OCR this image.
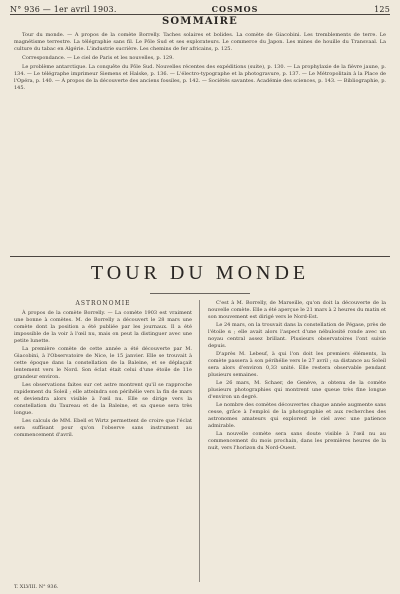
N° 936 — 1er avril 1903.	COSMOS	125
SOMMAIRE

Tour du monde. — À propos de la comète Borrelly. Taches solaires et bolides. La comète de Giacobini. Les tremblements de terre. Le magnétisme terrestre. La télégraphie sans fil. Le Pôle Sud et ses explorateurs. Le commerce du Japon. Les mines de houille du Transvaal. La culture du tabac en Algérie. L'industrie sucrière. Les chemins de fer africains, p. 125.

Correspondance. — Le ciel de Paris et les nouvelles, p. 129.

Le problème antarctique. La conquête du Pôle Sud. Nouvelles récentes des expéditions (suite), p. 130. — La prophylaxie de la fièvre jaune, p. 134. — Le télégraphe imprimeur Siemens et Halske, p. 136. — L'électro-typographe et la photogravure, p. 137. — Le Métropolitain à la Place de l'Opéra, p. 140. — À propos de la découverte des anciens fossiles, p. 142. — Sociétés savantes. Académie des sciences, p. 143. — Bibliographie, p. 145.

TOUR DU MONDE
ASTRONOMIE

À propos de la comète Borrelly. — La comète 1903 est vraiment une bonne à comètes. M. de Borrelly a découvert le 28 mars une comète dont la position a été publiée par les journaux. Il a été impossible de la voir à l'œil nu, mais on peut la distinguer avec une petite lunette.

La première comète de cette année a été découverte par M. Giacobini, à l'Observatoire de Nice, le 15 janvier. Elle se trouvait à cette époque dans la constellation de la Baleine, et se déplaçait lentement vers le Nord. Son éclat était celui d'une étoile de 11e grandeur environ.

Les observations faites sur cet astre montrent qu'il se rapproche rapidement du Soleil ; elle atteindra son périhélie vers la fin de mars et deviendra alors visible à l'œil nu. Elle se dirige vers la constellation du Taureau et de la Baleine, et sa queue sera très longue.

Les calculs de MM. Ebell et Wirtz permettent de croire que l'éclat sera suffisant pour qu'on l'observe sans instrument au commencement d'avril.

C'est à M. Borrelly, de Marseille, qu'on doit la découverte de la nouvelle comète. Elle a été aperçue le 21 mars à 2 heures du matin et son mouvement est dirigé vers le Nord-Est.

Le 24 mars, on la trouvait dans la constellation de Pégase, près de l'étoile α ; elle avait alors l'aspect d'une nébulosité ronde avec un noyau central assez brillant. Plusieurs observatoires l'ont suivie depuis.

D'après M. Lebeuf, à qui l'on doit les premiers éléments, la comète passera à son périhélie vers le 27 avril ; sa distance au Soleil sera alors d'environ 0,33 unité. Elle restera observable pendant plusieurs semaines.

Le 26 mars, M. Schaer, de Genève, a obtenu de la comète plusieurs photographies qui montrent une queue très fine longue d'environ un degré.

Le nombre des comètes découvertes chaque année augmente sans cesse, grâce à l'emploi de la photographie et aux recherches des astronomes amateurs qui explorent le ciel avec une patience admirable.

La nouvelle comète sera sans doute visible à l'œil nu au commencement du mois prochain, dans les premières heures de la nuit, vers l'horizon du Nord-Ouest.

T. XLVIII. N° 936.
